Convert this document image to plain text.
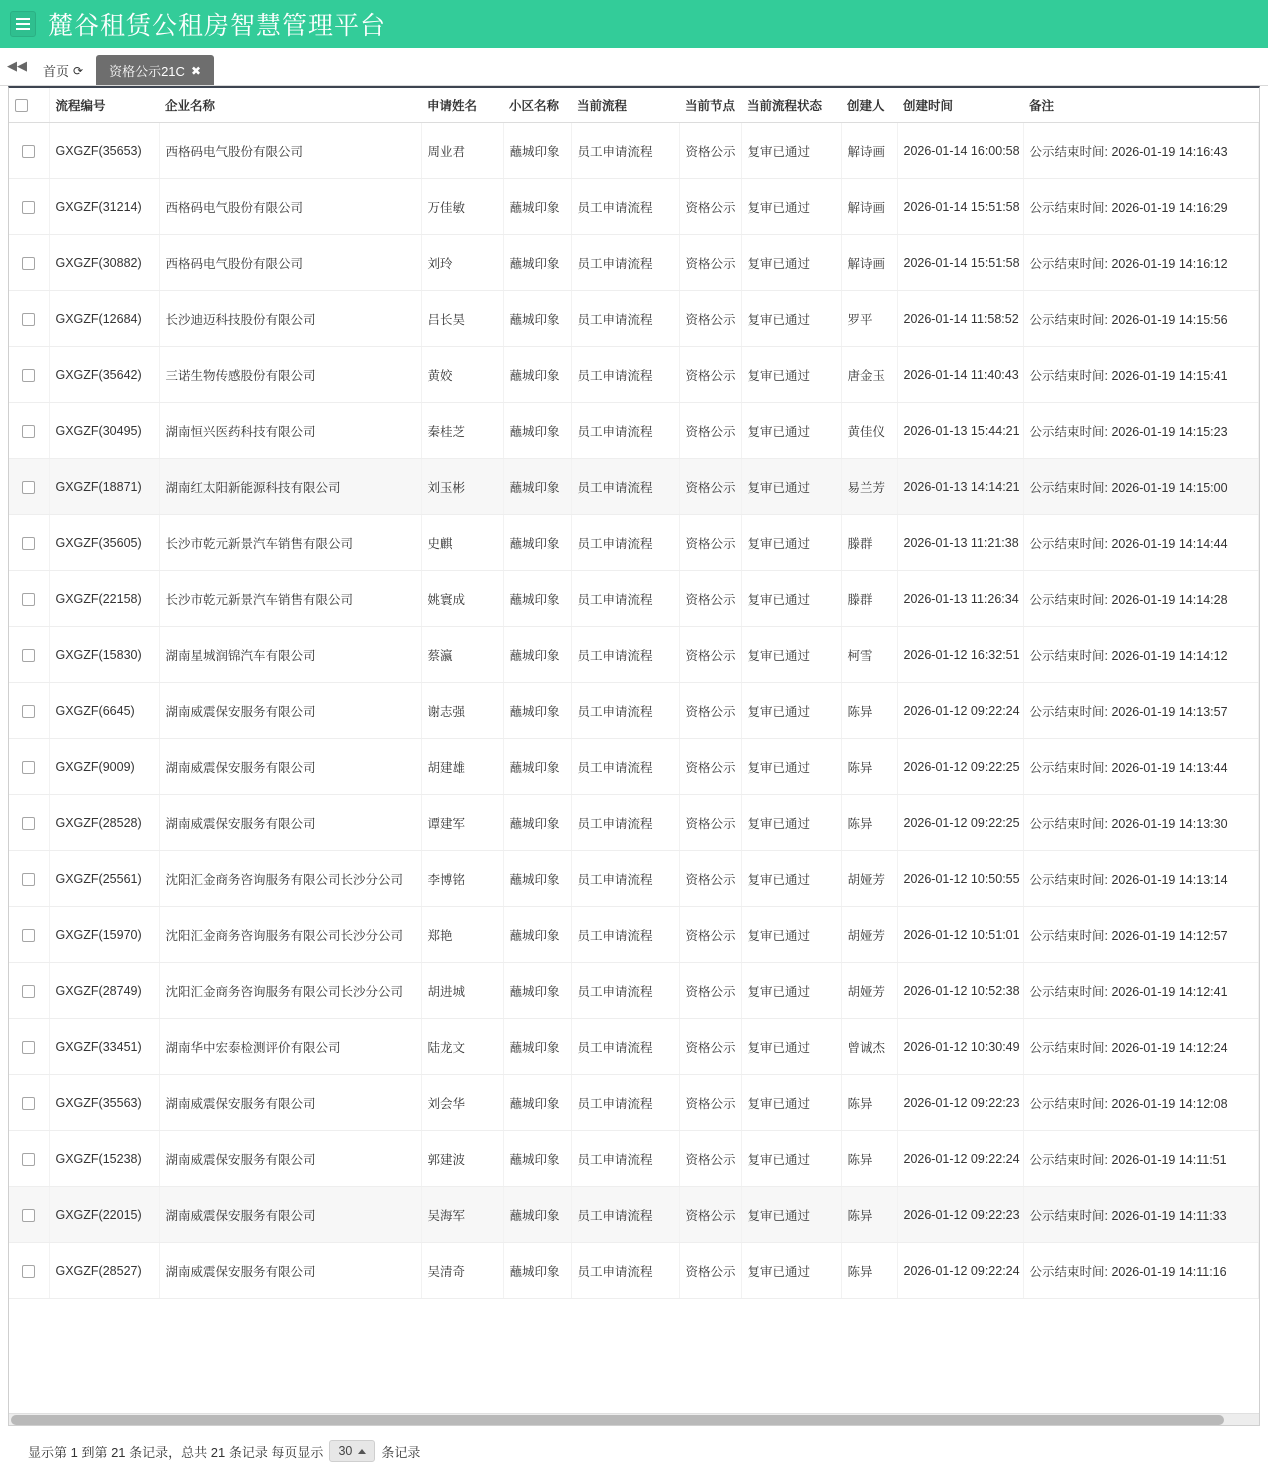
麓谷租赁公租房智慧管理平台
◀◀ 首页 ⟳ 资格公示21C ✖
	流程编号	企业名称	申请姓名	小区名称	当前流程	当前节点	当前流程状态	创建人	创建时间	备注
	GXGZF(35653)	西格码电气股份有限公司	周业君	蘸城印象	员工申请流程	资格公示	复审已通过	解诗画	2026-01-14 16:00:58	公示结束时间: 2026-01-19 14:16:43
	GXGZF(31214)	西格码电气股份有限公司	万佳敏	蘸城印象	员工申请流程	资格公示	复审已通过	解诗画	2026-01-14 15:51:58	公示结束时间: 2026-01-19 14:16:29
	GXGZF(30882)	西格码电气股份有限公司	刘玲	蘸城印象	员工申请流程	资格公示	复审已通过	解诗画	2026-01-14 15:51:58	公示结束时间: 2026-01-19 14:16:12
	GXGZF(12684)	长沙迪迈科技股份有限公司	吕长昊	蘸城印象	员工申请流程	资格公示	复审已通过	罗平	2026-01-14 11:58:52	公示结束时间: 2026-01-19 14:15:56
	GXGZF(35642)	三诺生物传感股份有限公司	黄姣	蘸城印象	员工申请流程	资格公示	复审已通过	唐金玉	2026-01-14 11:40:43	公示结束时间: 2026-01-19 14:15:41
	GXGZF(30495)	湖南恒兴医药科技有限公司	秦桂芝	蘸城印象	员工申请流程	资格公示	复审已通过	黄佳仪	2026-01-13 15:44:21	公示结束时间: 2026-01-19 14:15:23
	GXGZF(18871)	湖南红太阳新能源科技有限公司	刘玉彬	蘸城印象	员工申请流程	资格公示	复审已通过	易兰芳	2026-01-13 14:14:21	公示结束时间: 2026-01-19 14:15:00
	GXGZF(35605)	长沙市乾元新景汽车销售有限公司	史麒	蘸城印象	员工申请流程	资格公示	复审已通过	滕群	2026-01-13 11:21:38	公示结束时间: 2026-01-19 14:14:44
	GXGZF(22158)	长沙市乾元新景汽车销售有限公司	姚寰成	蘸城印象	员工申请流程	资格公示	复审已通过	滕群	2026-01-13 11:26:34	公示结束时间: 2026-01-19 14:14:28
	GXGZF(15830)	湖南星城润锦汽车有限公司	蔡瀛	蘸城印象	员工申请流程	资格公示	复审已通过	柯雪	2026-01-12 16:32:51	公示结束时间: 2026-01-19 14:14:12
	GXGZF(6645)	湖南威震保安服务有限公司	谢志强	蘸城印象	员工申请流程	资格公示	复审已通过	陈异	2026-01-12 09:22:24	公示结束时间: 2026-01-19 14:13:57
	GXGZF(9009)	湖南威震保安服务有限公司	胡建雄	蘸城印象	员工申请流程	资格公示	复审已通过	陈异	2026-01-12 09:22:25	公示结束时间: 2026-01-19 14:13:44
	GXGZF(28528)	湖南威震保安服务有限公司	谭建军	蘸城印象	员工申请流程	资格公示	复审已通过	陈异	2026-01-12 09:22:25	公示结束时间: 2026-01-19 14:13:30
	GXGZF(25561)	沈阳汇金商务咨询服务有限公司长沙分公司	李博铭	蘸城印象	员工申请流程	资格公示	复审已通过	胡娅芳	2026-01-12 10:50:55	公示结束时间: 2026-01-19 14:13:14
	GXGZF(15970)	沈阳汇金商务咨询服务有限公司长沙分公司	郑艳	蘸城印象	员工申请流程	资格公示	复审已通过	胡娅芳	2026-01-12 10:51:01	公示结束时间: 2026-01-19 14:12:57
	GXGZF(28749)	沈阳汇金商务咨询服务有限公司长沙分公司	胡进城	蘸城印象	员工申请流程	资格公示	复审已通过	胡娅芳	2026-01-12 10:52:38	公示结束时间: 2026-01-19 14:12:41
	GXGZF(33451)	湖南华中宏泰检测评价有限公司	陆龙文	蘸城印象	员工申请流程	资格公示	复审已通过	曾诚杰	2026-01-12 10:30:49	公示结束时间: 2026-01-19 14:12:24
	GXGZF(35563)	湖南威震保安服务有限公司	刘会华	蘸城印象	员工申请流程	资格公示	复审已通过	陈异	2026-01-12 09:22:23	公示结束时间: 2026-01-19 14:12:08
	GXGZF(15238)	湖南威震保安服务有限公司	郭建波	蘸城印象	员工申请流程	资格公示	复审已通过	陈异	2026-01-12 09:22:24	公示结束时间: 2026-01-19 14:11:51
	GXGZF(22015)	湖南威震保安服务有限公司	吴海军	蘸城印象	员工申请流程	资格公示	复审已通过	陈异	2026-01-12 09:22:23	公示结束时间: 2026-01-19 14:11:33
	GXGZF(28527)	湖南威震保安服务有限公司	吴清奇	蘸城印象	员工申请流程	资格公示	复审已通过	陈异	2026-01-12 09:22:24	公示结束时间: 2026-01-19 14:11:16
显示第 1 到第 21 条记录，总共 21 条记录 每页显示 30 条记录
